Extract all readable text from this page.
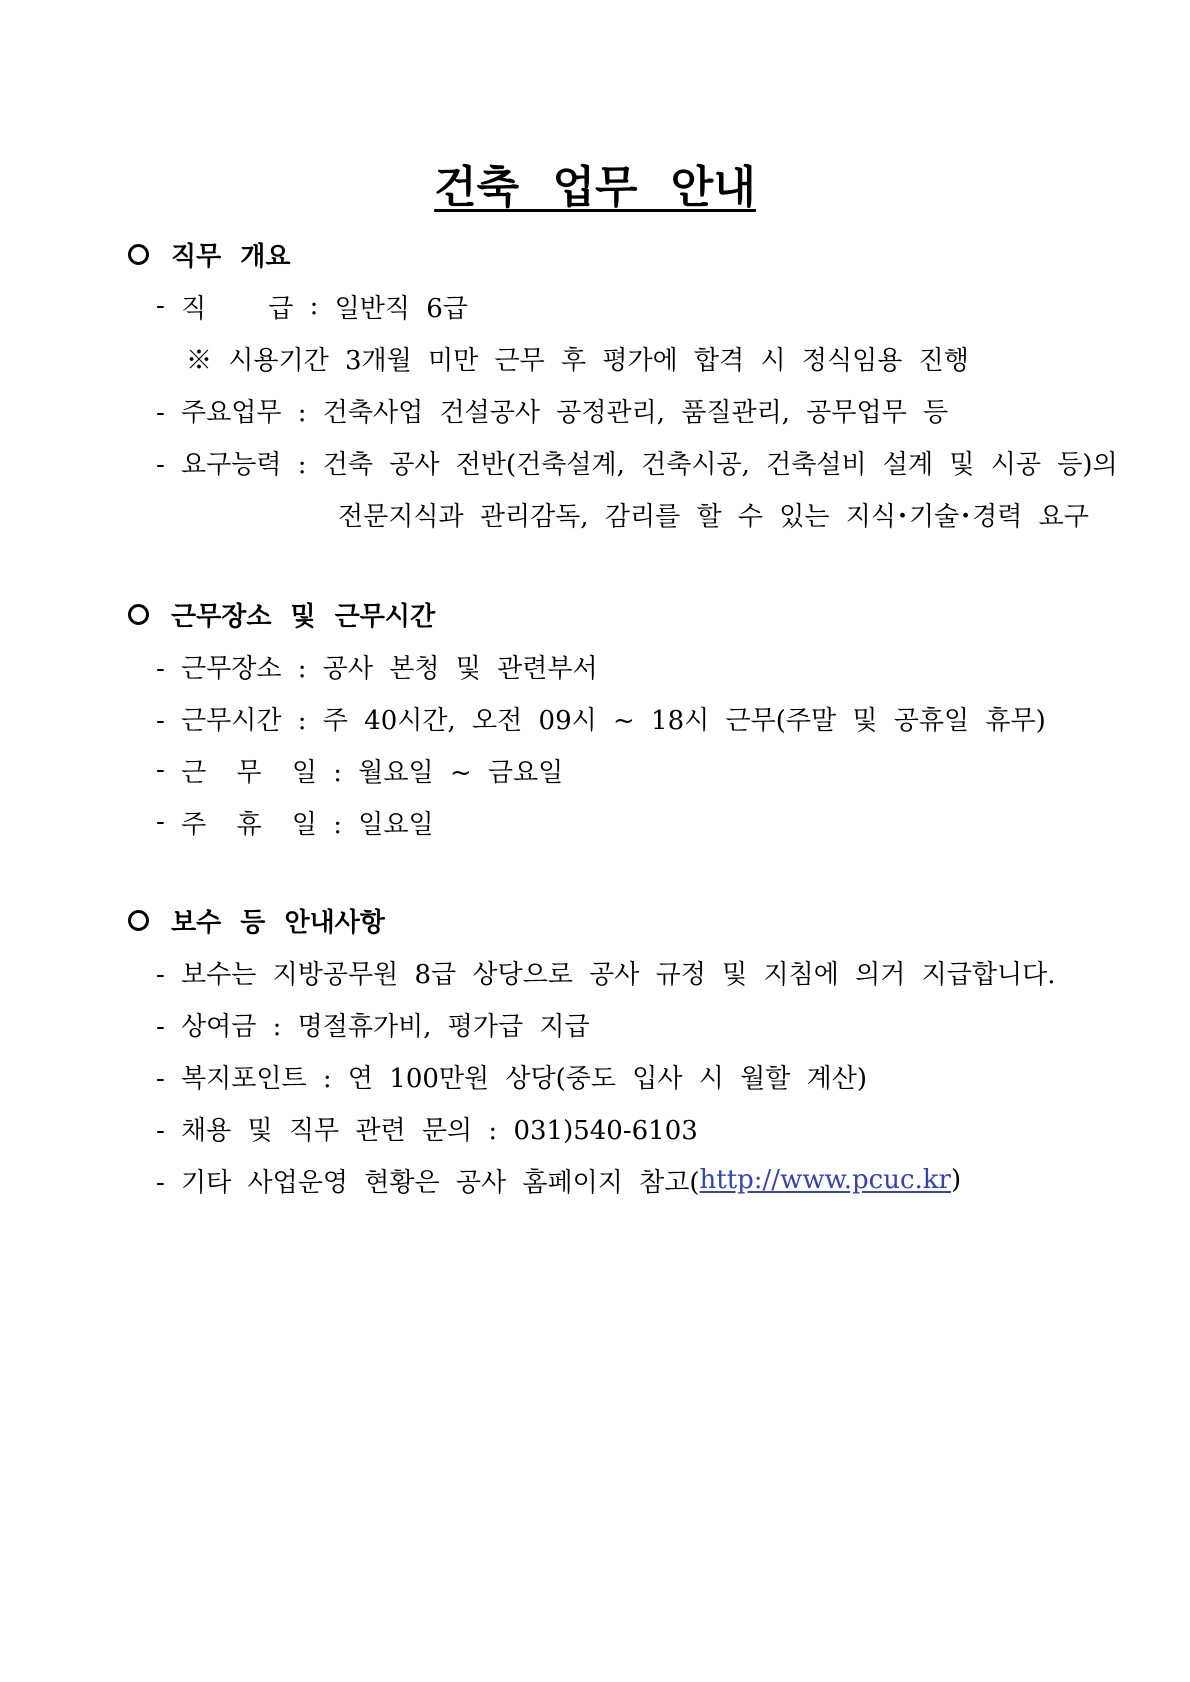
건축 업무 안내
직무 개요
- 직 급
:
일반직 6급
※ 시용기간 3개월 미만 근무 후 평가에 합격 시 정식임용 진행
- 주요업무 : 건축사업 건설공사 공정관리, 품질관리, 공무업무 등
- 요구능력 : 건축 공사 전반(건축설계, 건축시공, 건축설비 설계 및 시공 등)의
전문지식과 관리감독, 감리를 할 수 있는 지식･기술･경력 요구
근무장소 및 근무시간
- 근무장소 : 공사 본청 및 관련부서
- 근무시간 : 주 40시간, 오전 09시 ~ 18시 근무(주말 및 공휴일 휴무)
- 근 무 일
: 월요일 ~ 금요일
- 주 휴 일
: 일요일
보수 등 안내사항
- 보수는 지방공무원 8급 상당으로 공사 규정 및 지침에 의거 지급합니다.
- 상여금 : 명절휴가비, 평가급 지급
- 복지포인트 : 연 100만원 상당(중도 입사 시 월할 계산)
- 채용 및 직무 관련 문의 : 031)540-6103
- 기타 사업운영 현황은 공사 홈페이지 참고( http://www.pcuc.kr )
